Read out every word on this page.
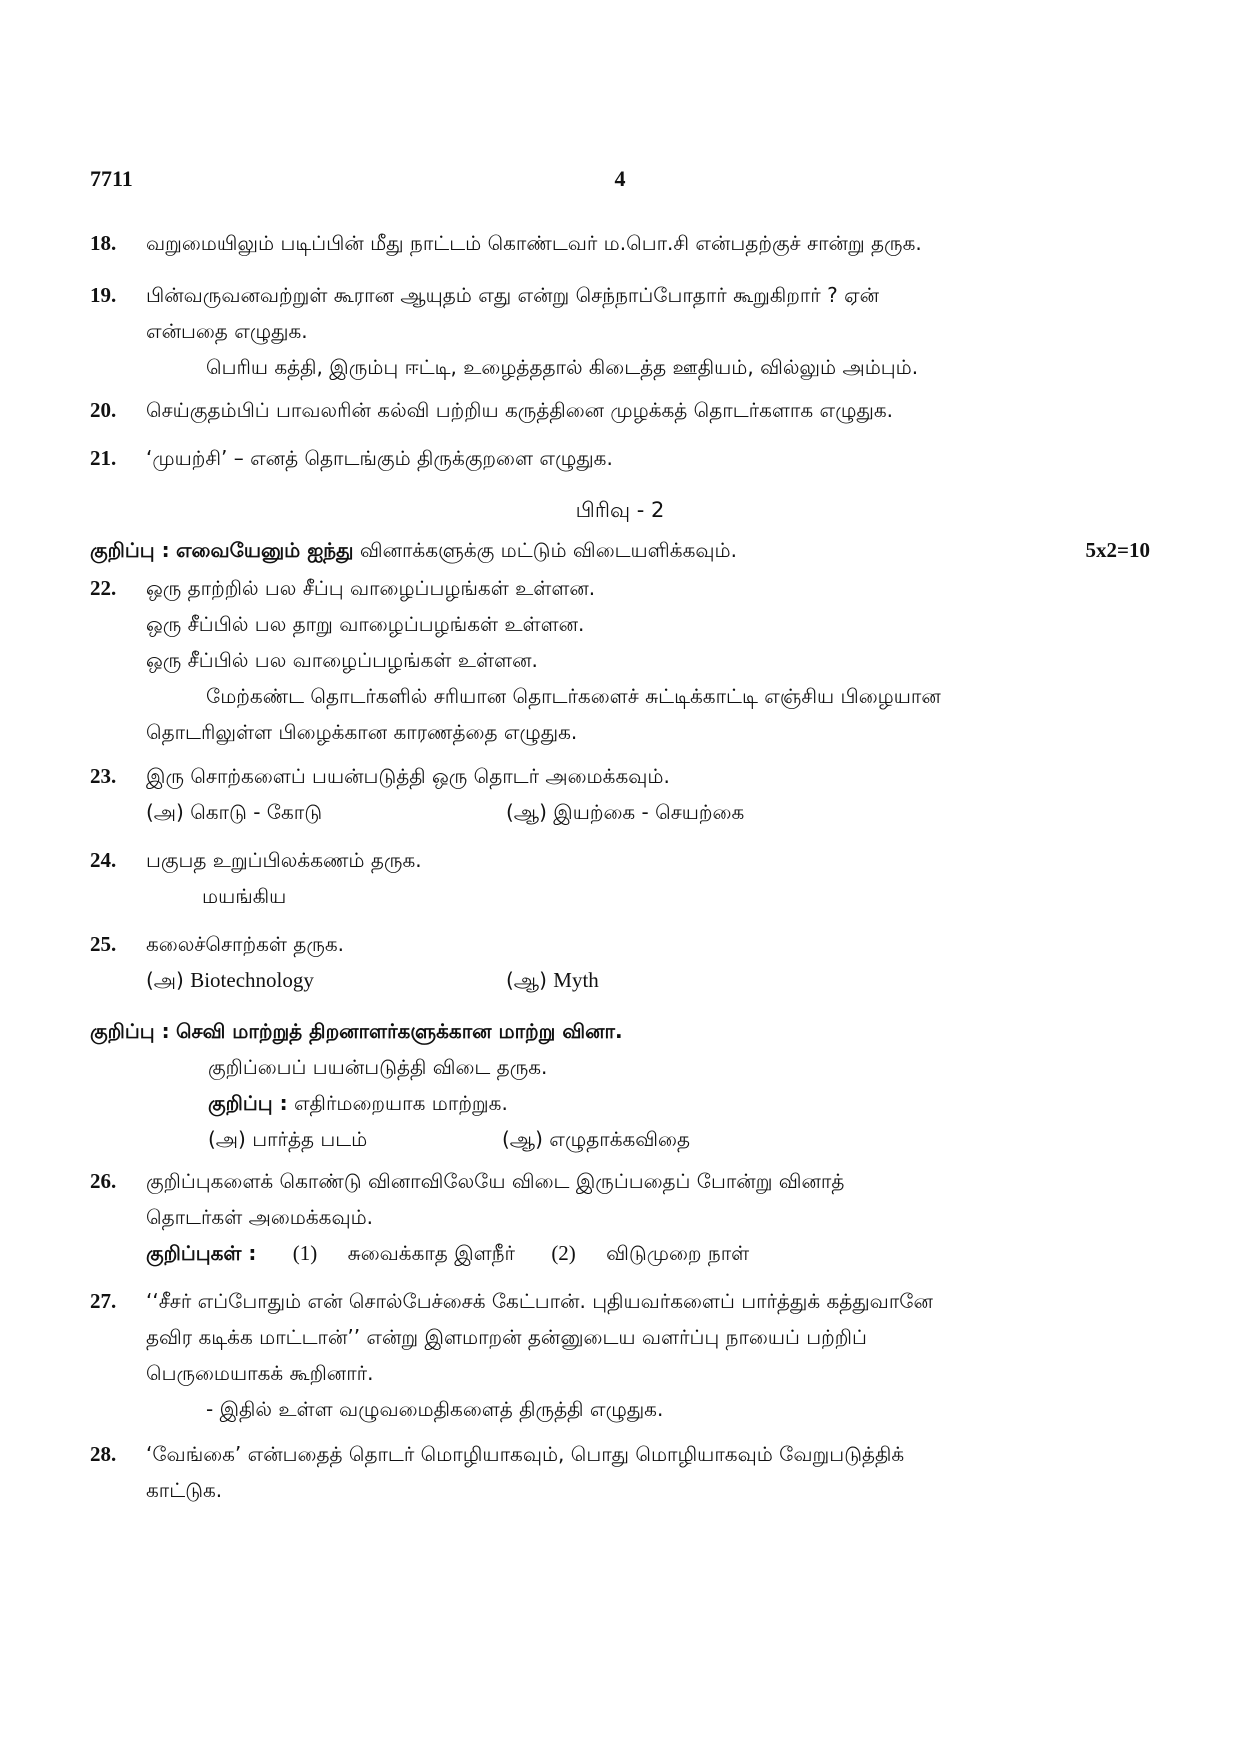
7711	4
18. வறுமையிலும் படிப்பின் மீது நாட்டம் கொண்டவர் ம.பொ.சி என்பதற்குச் சான்று தருக.
19. பின்வருவனவற்றுள் கூரான ஆயுதம் எது என்று செந்நாப்போதார் கூறுகிறார் ? ஏன்
என்பதை எழுதுக.
பெரிய கத்தி, இரும்பு ஈட்டி, உழைத்ததால் கிடைத்த ஊதியம், வில்லும் அம்பும்.
20. செய்குதம்பிப் பாவலரின் கல்வி பற்றிய கருத்தினை முழக்கத் தொடர்களாக எழுதுக.
21. ‘முயற்சி’ – எனத் தொடங்கும் திருக்குறளை எழுதுக.
பிரிவு - 2
குறிப்பு : எவையேனும் ஐந்து வினாக்களுக்கு மட்டும் விடையளிக்கவும்.	5x2=10
22. ஒரு தாற்றில் பல சீப்பு வாழைப்பழங்கள் உள்ளன.
ஒரு சீப்பில் பல தாறு வாழைப்பழங்கள் உள்ளன.
ஒரு சீப்பில் பல வாழைப்பழங்கள் உள்ளன.
மேற்கண்ட தொடர்களில் சரியான தொடர்களைச் சுட்டிக்காட்டி எஞ்சிய பிழையான
தொடரிலுள்ள பிழைக்கான காரணத்தை எழுதுக.
23. இரு சொற்களைப் பயன்படுத்தி ஒரு தொடர் அமைக்கவும்.
(அ) கொடு - கோடு	(ஆ) இயற்கை - செயற்கை
24. பகுபத உறுப்பிலக்கணம் தருக.
மயங்கிய
25. கலைச்சொற்கள் தருக.
(அ) Biotechnology	(ஆ) Myth
குறிப்பு : செவி மாற்றுத் திறனாளர்களுக்கான மாற்று வினா.
குறிப்பைப் பயன்படுத்தி விடை தருக.
குறிப்பு : எதிர்மறையாக மாற்றுக.
(அ) பார்த்த படம்	(ஆ) எழுதாக்கவிதை
26. குறிப்புகளைக் கொண்டு வினாவிலேயே விடை இருப்பதைப் போன்று வினாத்
தொடர்கள் அமைக்கவும்.
குறிப்புகள் : (1) சுவைக்காத இளநீர் (2) விடுமுறை நாள்
27. ‘‘சீசர் எப்போதும் என் சொல்பேச்சைக் கேட்பான். புதியவர்களைப் பார்த்துக் கத்துவானே
தவிர கடிக்க மாட்டான்’’ என்று இளமாறன் தன்னுடைய வளர்ப்பு நாயைப் பற்றிப்
பெருமையாகக் கூறினார்.
- இதில் உள்ள வழுவமைதிகளைத் திருத்தி எழுதுக.
28. ‘வேங்கை’ என்பதைத் தொடர் மொழியாகவும், பொது மொழியாகவும் வேறுபடுத்திக்
காட்டுக.
